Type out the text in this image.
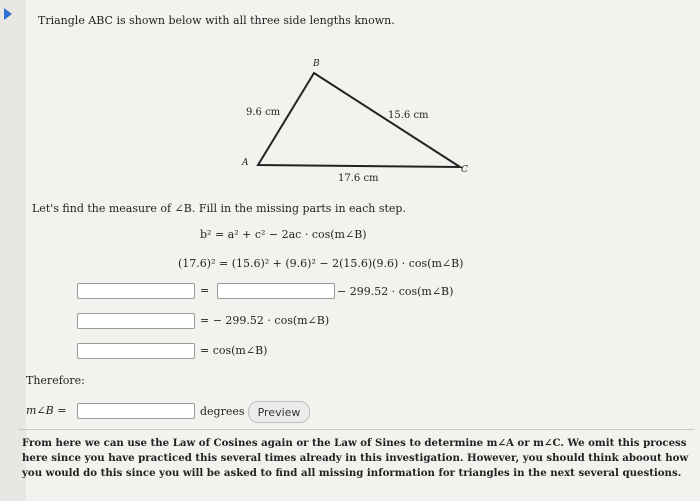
Triangle ABC is shown below with all three side lengths known.
B
A
C
9.6 cm	15.6 cm
17.6 cm
Let's find the measure of ∠B. Fill in the missing parts in each step.
b² = a² + c² − 2ac · cos(m∠B)
(17.6)² = (15.6)² + (9.6)² − 2(15.6)(9.6) · cos(m∠B)
=	− 299.52 · cos(m∠B)
= − 299.52 · cos(m∠B)
= cos(m∠B)
Therefore:
m∠B =	degrees	Preview
From here we can use the Law of Cosines again or the Law of Sines to determine m∠A or m∠C. We omit this process here since you have practiced this several times already in this investigation. However, you should think aboout how you would do this since you will be asked to find all missing information for triangles in the next several questions.
